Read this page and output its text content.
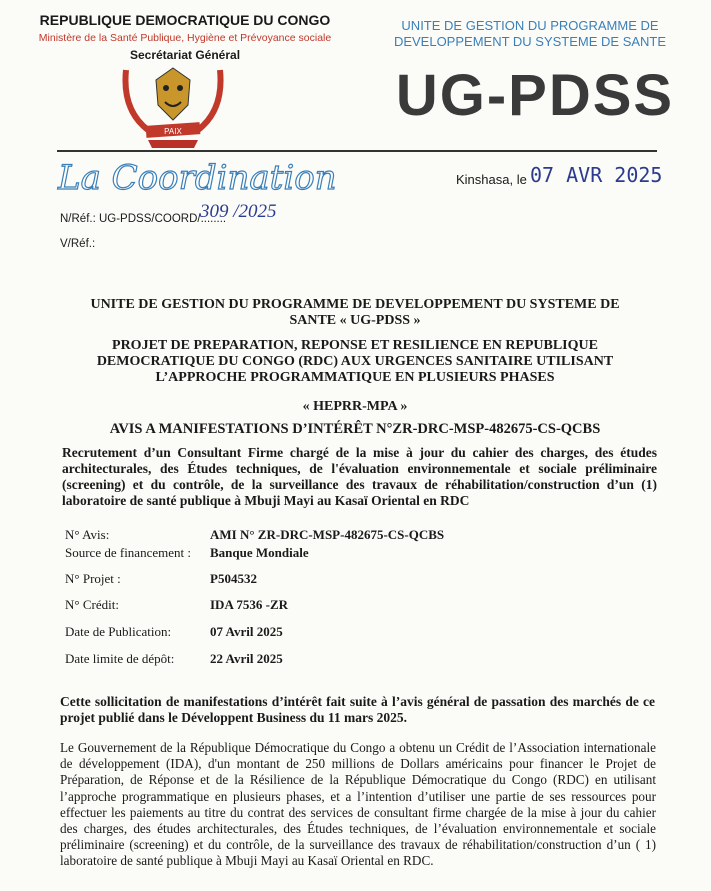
REPUBLIQUE DEMOCRATIQUE DU CONGO
Ministère de la Santé Publique, Hygiène et Prévoyance sociale
Secrétariat Général
PAIX
UNITE DE GESTION DU PROGRAMME DE
DEVELOPPEMENT DU SYSTEME DE SANTE
UG-PDSS
La Coordination	Kinshasa, le 07 AVR 2025
N/Réf.: UG-PDSS/COORD/........
309 /2025
V/Réf.:
UNITE DE GESTION DU PROGRAMME DE DEVELOPPEMENT DU SYSTEME DE
SANTE « UG-PDSS »
PROJET DE PREPARATION, REPONSE ET RESILIENCE EN REPUBLIQUE
DEMOCRATIQUE DU CONGO (RDC) AUX URGENCES SANITAIRE UTILISANT
L’APPROCHE PROGRAMMATIQUE EN PLUSIEURS PHASES
« HEPRR-MPA »
AVIS A MANIFESTATIONS D’INTÉRÊT N°ZR-DRC-MSP-482675-CS-QCBS
Recrutement d’un Consultant Firme chargé de la mise à jour du cahier des charges, des études architecturales, des Études techniques, de l'évaluation environnementale et sociale préliminaire (screening) et du contrôle, de la surveillance des travaux de réhabilitation/construction d’un (1) laboratoire de santé publique à Mbuji Mayi au Kasaï Oriental en RDC
N° Avis:	AMI N° ZR-DRC-MSP-482675-CS-QCBS
Source de financement : Banque Mondiale
N° Projet :	P504532
N° Crédit:	IDA 7536 -ZR
Date de Publication:	07 Avril 2025
Date limite de dépôt:	22 Avril 2025
Cette sollicitation de manifestations d’intérêt fait suite à l’avis général de passation des marchés de ce projet publié dans le Développent Business du 11 mars 2025.
Le Gouvernement de la République Démocratique du Congo a obtenu un Crédit de l’Association internationale de développement (IDA), d'un montant de 250 millions de Dollars américains pour financer le Projet de Préparation, de Réponse et de la Résilience de la République Démocratique du Congo (RDC) en utilisant l’approche programmatique en plusieurs phases, et a l’intention d’utiliser une partie de ses ressources pour effectuer les paiements au titre du contrat des services de consultant firme chargée de la mise à jour du cahier des charges, des études architecturales, des Études techniques, de l’évaluation environnementale et sociale préliminaire (screening) et du contrôle, de la surveillance des travaux de réhabilitation/construction d’un ( 1) laboratoire de santé publique à Mbuji Mayi au Kasaï Oriental en RDC.
